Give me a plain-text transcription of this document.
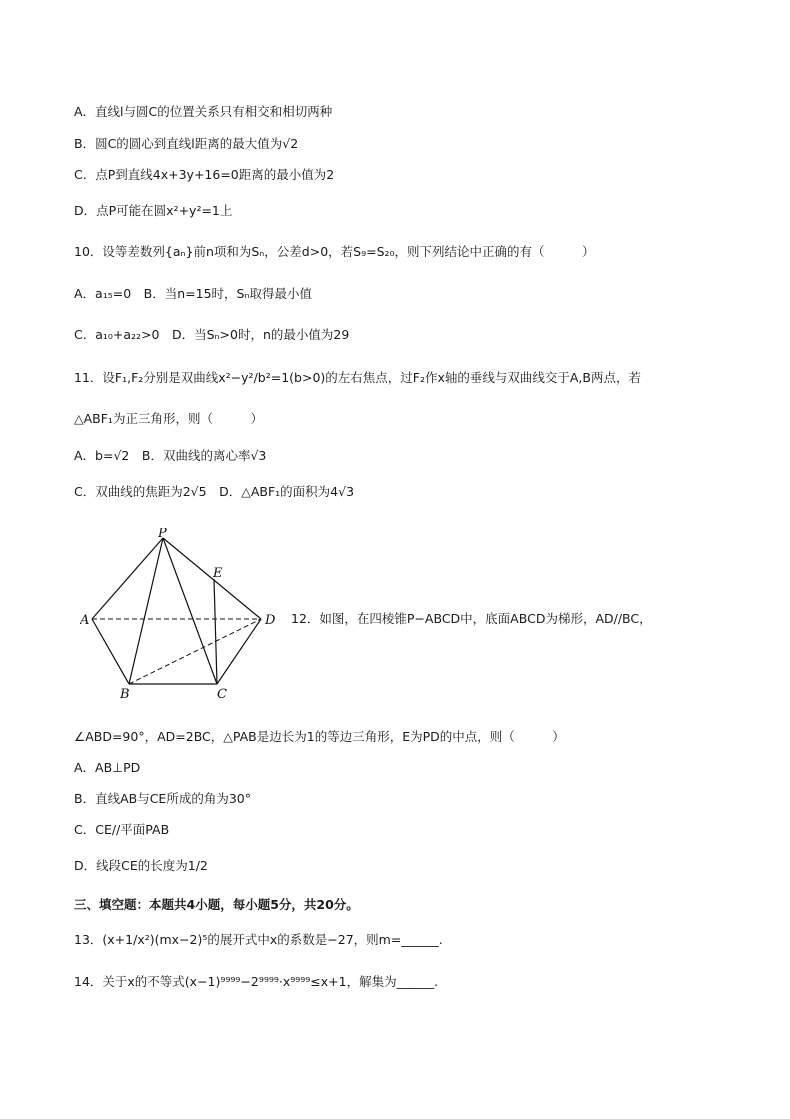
A．直线l与圆C的位置关系只有相交和相切两种
B．圆C的圆心到直线l距离的最大值为√2
C．点P到直线4x+3y+16=0距离的最小值为2
D．点P可能在圆x²+y²=1上
10．设等差数列{aₙ}前n项和为Sₙ，公差d>0，若S₉=S₂₀，则下列结论中正确的有（　　　）
A．a₁₅=0　B．当n=15时，Sₙ取得最小值
C．a₁₀+a₂₂>0　D．当Sₙ>0时，n的最小值为29
11．设F₁,F₂分别是双曲线x²−y²/b²=1(b>0)的左右焦点，过F₂作x轴的垂线与双曲线交于A,B两点，若
△ABF₁为正三角形，则（　　　）
A．b=√2　B．双曲线的离心率√3
C．双曲线的焦距为2√5　D．△ABF₁的面积为4√3
P
E
A	D
B	C
12．如图，在四棱锥P−ABCD中，底面ABCD为梯形，AD//BC，
∠ABD=90°，AD=2BC，△PAB是边长为1的等边三角形，E为PD的中点，则（　　　）
A．AB⊥PD
B．直线AB与CE所成的角为30°
C．CE//平面PAB
D．线段CE的长度为1/2
三、填空题：本题共4小题，每小题5分，共20分。
13．(x+1/x²)(mx−2)⁵的展开式中x的系数是−27，则m=______.
14．关于x的不等式(x−1)⁹⁹⁹⁹−2⁹⁹⁹⁹·x⁹⁹⁹⁹≤x+1，解集为______.
